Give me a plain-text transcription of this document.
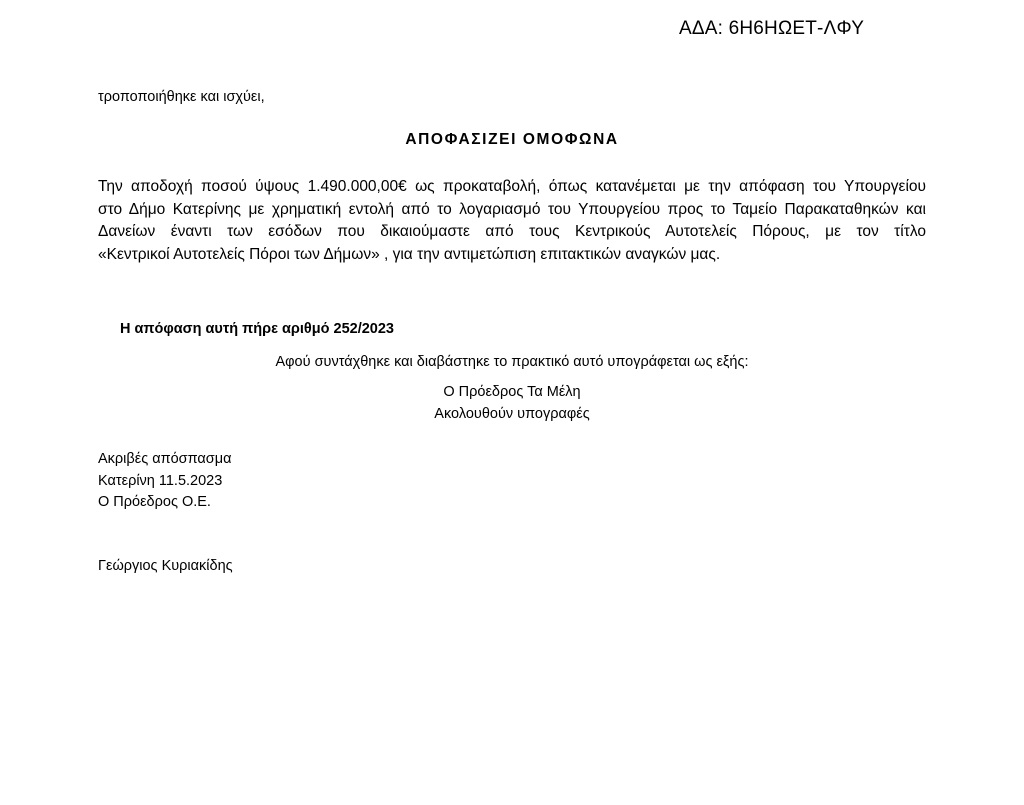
ΑΔΑ: 6Η6ΗΩΕΤ-ΛΦΥ
τροποποιήθηκε και ισχύει,
ΑΠΟΦΑΣΙΖΕΙ ΟΜΟΦΩΝΑ
Την αποδοχή ποσού ύψους 1.490.000,00€ ως προκαταβολή, όπως κατανέμεται με την απόφαση του Υπουργείου
στο Δήμο Κατερίνης με χρηματική εντολή από το λογαριασμό του Υπουργείου προς το Ταμείο Παρακαταθηκών και
Δανείων έναντι των εσόδων που δικαιούμαστε από τους Κεντρικούς Αυτοτελείς Πόρους, με τον τίτλο
«Κεντρικοί Αυτοτελείς Πόροι των Δήμων» , για την αντιμετώπιση επιτακτικών αναγκών μας.
Η απόφαση αυτή πήρε αριθμό 252/2023
Αφού συντάχθηκε και διαβάστηκε το πρακτικό αυτό υπογράφεται ως εξής:
Ο Πρόεδρος Τα Μέλη
Ακολουθούν υπογραφές
Ακριβές απόσπασμα
Κατερίνη 11.5.2023
Ο Πρόεδρος Ο.Ε.
Γεώργιος Κυριακίδης
